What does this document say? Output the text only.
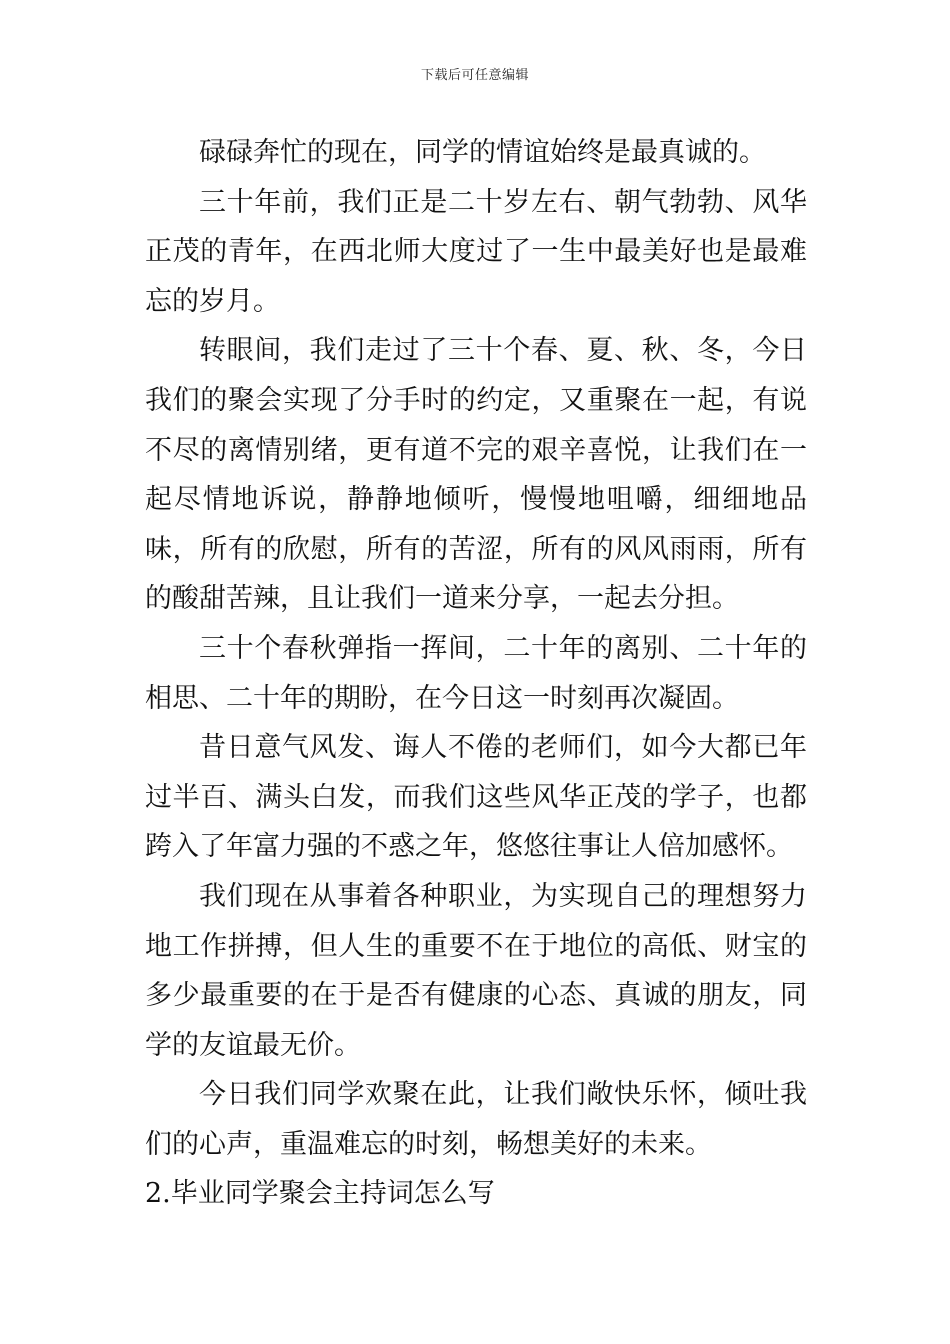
下载后可任意编辑

碌碌奔忙的现在，同学的情谊始终是最真诚的。

三十年前，我们正是二十岁左右、朝气勃勃、风华正茂的青年，在西北师大度过了一生中最美好也是最难忘的岁月。

转眼间，我们走过了三十个春、夏、秋、冬，今日我们的聚会实现了分手时的约定，又重聚在一起，有说不尽的离情别绪，更有道不完的艰辛喜悦，让我们在一起尽情地诉说，静静地倾听，慢慢地咀嚼，细细地品味，所有的欣慰，所有的苦涩，所有的风风雨雨，所有的酸甜苦辣，且让我们一道来分享，一起去分担。

三十个春秋弹指一挥间，二十年的离别、二十年的相思、二十年的期盼，在今日这一时刻再次凝固。

昔日意气风发、诲人不倦的老师们，如今大都已年过半百、满头白发，而我们这些风华正茂的学子，也都跨入了年富力强的不惑之年，悠悠往事让人倍加感怀。

我们现在从事着各种职业，为实现自己的理想努力地工作拼搏，但人生的重要不在于地位的高低、财宝的多少最重要的在于是否有健康的心态、真诚的朋友，同学的友谊最无价。

今日我们同学欢聚在此，让我们敞快乐怀，倾吐我们的心声，重温难忘的时刻，畅想美好的未来。

2.毕业同学聚会主持词怎么写
